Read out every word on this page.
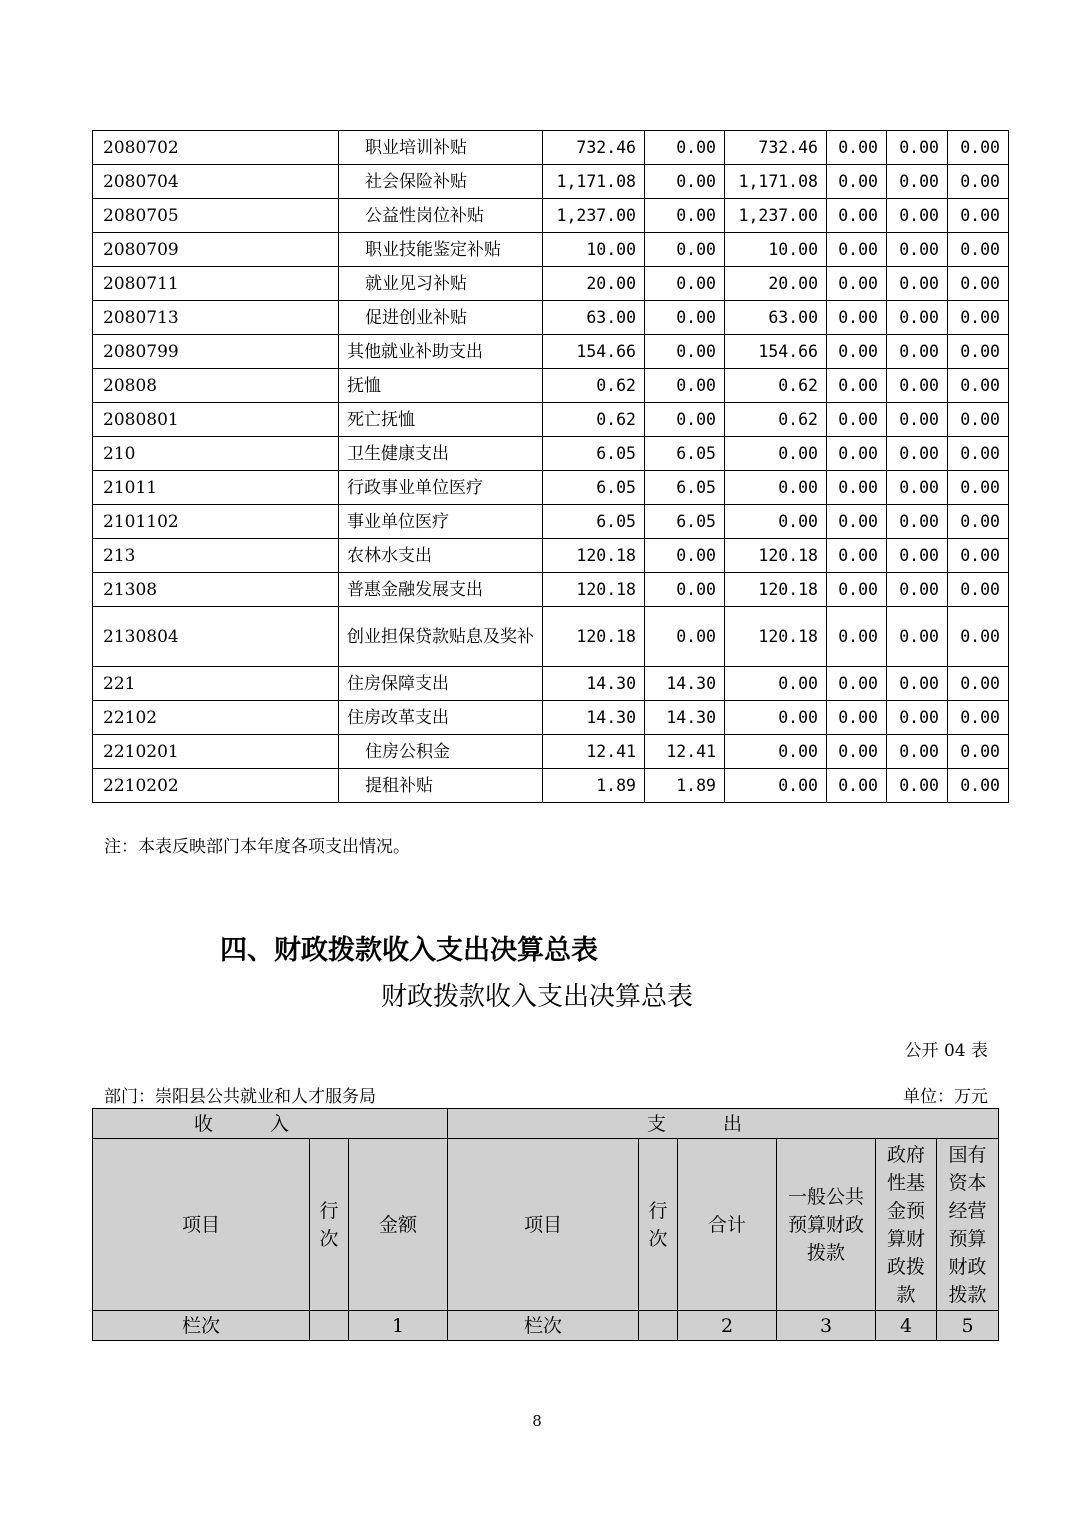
2080702	职业培训补贴	732.46	0.00	732.46	0.00	0.00	0.00
2080704	社会保险补贴	1,171.08	0.00	1,171.08	0.00	0.00	0.00
2080705	公益性岗位补贴	1,237.00	0.00	1,237.00	0.00	0.00	0.00
2080709	职业技能鉴定补贴	10.00	0.00	10.00	0.00	0.00	0.00
2080711	就业见习补贴	20.00	0.00	20.00	0.00	0.00	0.00
2080713	促进创业补贴	63.00	0.00	63.00	0.00	0.00	0.00
2080799	其他就业补助支出	154.66	0.00	154.66	0.00	0.00	0.00
20808	抚恤	0.62	0.00	0.62	0.00	0.00	0.00
2080801	死亡抚恤	0.62	0.00	0.62	0.00	0.00	0.00
210	卫生健康支出	6.05	6.05	0.00	0.00	0.00	0.00
21011	行政事业单位医疗	6.05	6.05	0.00	0.00	0.00	0.00
2101102	事业单位医疗	6.05	6.05	0.00	0.00	0.00	0.00
213	农林水支出	120.18	0.00	120.18	0.00	0.00	0.00
21308	普惠金融发展支出	120.18	0.00	120.18	0.00	0.00	0.00
2130804	创业担保贷款贴息及奖补	120.18	0.00	120.18	0.00	0.00	0.00
221	住房保障支出	14.30	14.30	0.00	0.00	0.00	0.00
22102	住房改革支出	14.30	14.30	0.00	0.00	0.00	0.00
2210201	住房公积金	12.41	12.41	0.00	0.00	0.00	0.00
2210202	提租补贴	1.89	1.89	0.00	0.00	0.00	0.00
注：本表反映部门本年度各项支出情况。
四、财政拨款收入支出决算总表
财政拨款收入支出决算总表
公开 04 表
部门：崇阳县公共就业和人才服务局	单位：万元
收入			支出					
项目	行次	金额	项目	行次	合计	一般公共预算财政拨款	政府性基金预算财政拨款	国有资本经营预算财政拨款
栏次		1	栏次		2	3	4	5
8
